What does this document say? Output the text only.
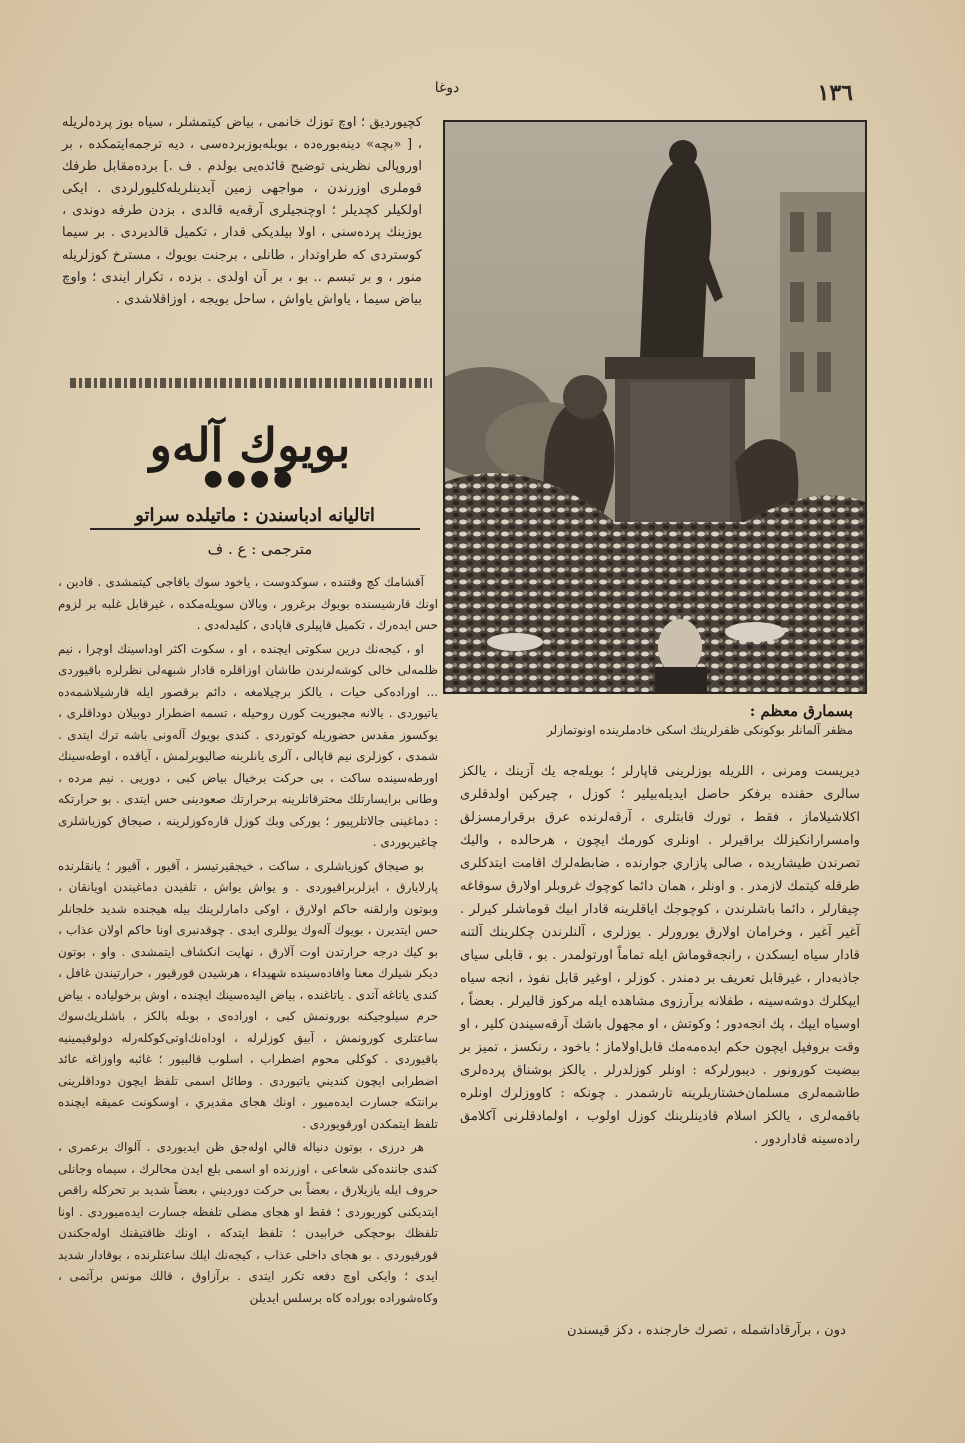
١٣٦
دوغا

كچيورديق ؛ اوچ توزك خانمى ، بياض كيتمشلر ، سياه بوز پردەلريلە ، [ «بچە» دينه‌بوره‌ده ، بوبله‌بوزبرده‌سى ، ديه ترجمه‌ايتمكده ، بر اوروپالى نظرينى توضيح قائده‌يى بولدم . ف .] برده‌مقابل طرفك قوملرى اوزرندن ، مواجهى زمين آيدينلريله‌كليورلردى . ايكى اولكيلر كچديلر ؛ اوچنجيلرى آرقه‌يه‌ قالدى ، بزدن طرفه دوندى ، يوزينك پرده‌سنى ، اولا بيلديكى قدار ، تكميل قالديردى . بر سيما كوستردى كه طراوتدار ، طانلى ، برجنت بويوك ، مسترخ كوزلريله منور ، و بر تبسم .. بو ، بر آن اولدى . بزده ، تكرار ايندى ؛ واوچ بياض سيما ، ياواش ياواش ، ساحل بويجه ، اوزاقلاشدى .

بويوك آله‌و
●●●●
اتاليانه ادباسندن : ماتيلده سراتو
مترجمى : ع . ف

آقشامك كچ وقتنده ، سوكدوست ، ياخود سوك ياقاجى كيتمشدى . قادين ، اونك قارشيسنده بويوك برغرور ، ويالان سويله‌مكده ، غيرقابل غلبه بر لزوم حس ايده‌رك ، تكميل قاپيلرى قاپادى ، كليدله‌دى .

او ، كيجه‌نك درين سكوتى ايچنده ، او ، سكوت اكثر اوداسينك اوچرا ، نيم ظلمه‌لى خالى كوشه‌لرندن طاشان اوزاقلره قادار شبهه‌لى نظرلره باقيوردى ... اوراده‌كى حيات ، يالكز برچيلامغه ، دائم برقصور ايله قارشيلاشمه‌ده ياتيوردى . يالانه مجبوريت كورن روحيله ، تسمه اضطرار دوبيلان دوداقلرى ، يوكسوز مقدس حضوريله كوتوردى . كندى بويوك آله‌ونى باشه ترك ايتدى . شمدى ، كوزلرى نيم قاپالى ، آلرى يانلرينه صاليوبرلمش ، آياقده ، اوطه‌سينك اورطه‌سينده ساكت ، بى حركت برخيال بياض كبى ، دوريى . نيم مرده ، وطانى برايسارتلك محترقاتلرينه برحرارتك صعودينى حس ايتدى . بو حرارتكه : دماغينى جالاتلرپيور ؛ يوركى وبك كوزل قارەكوزلرينه ، صيجاق كوزياشلرى چاغيريوردى .

بو صيجاق كوزياشلرى ، ساكت ، خيجقيرتيسز ، آقيور ، آقيور ؛ يانقلرنده پارلايارق ، ايزلربراقيوردى . و يواش يواش ، تلفيدن دماغيندن اويانقان ، وبوتون وارلقنه حاكم اولارق ، اوكى دامارلرينك بيله هيجنده شديد خلجانلر حس ايتديرن ، بويوك آله‌وك يوللرى ايدى . چوقدنبرى اونا حاكم اولان عذاب ، بو كيك درجه حرارتدن اوت آلارق ، نهايت انكشاف ايتمشدى . واو ، بوتون ديكر شيلرك معنا وافاده‌سينده شهيداء ، هرشيدن قورقيور ، حرارتيندن غافل ، كندى ياتاغه آتدى . ياتاغنده ، بياض اليده‌سينك ايچنده ، اوش برخولياده ، بياض حرم سيلوجيكنه بورونمش كبى ، اوراده‌ى ، بوبله‌ بالكز ، باشلريك‌سوك ساعتلرى‌ كورونمش ، آبيق كوزلرله ، اوداه‌نك‌اوتى‌كوكله‌رله‌ دولوقيمينيه باقيوردى . كوكلى محوم اضطراب ، اسلوب قالبيور ؛ غائبه ‌واوزاغه عائد اضطرابى ايچون كنديني ياتيوردى . وطائل اسمى تلفظ ايچون دوداقلرينى برانتكه جسارت ايده‌ميور ، اونك هجاى مقديري ، اوسكونت عميقه ايچنده تلفظ ايتمكدن اورقويوردى .

هر درزى ، بوتون دنياله قالي اوله‌جق ظن ايديوردى . آلواك برعمرى ، كندى جاننده‌كى شعاعى ، اوزرنده او اسمى بلع ايدن محالرك ، سيماه وجانلى حروف ايله يازيلارق ، بعضاً بى حركت دورديني ، بعضاً شديد بر تحركله راقص ايتديكنى كوريوردى ؛ فقط او هجاى مضلى تلفظه جسارت ايده‌ميوردى . اونا تلفظك بوحچكى خرابيدن ؛ تلفظ ايتدكه ، اونك ظاقتيقنك اوله‌جكندن قورقيوردى . بو هجاى داخلى عذاب ، كيجه‌نك ايلك ساعتلرنده ، بوقادار شديد ايدى ؛ وايكى اوچ دفعه تكرر ايتدى . برآزاوق ، قالك مونس برآتمى ، وكاه‌شوراده بوراده كاه برسلس ايديلن

بسمارق معظم :
مظفر آلمانلر بوكونكى ظفرلرينك اسكى خادملرينده اونوتمازلر

ديريست ومرنى ، اللريله بوزلرينى قاپارلر ؛ بويله‌جه يك آزينك ، يالكز سالرى حقنده برفكر حاصل ايديله‌بيلير ؛ كوزل ، چيركين اولدقلرى اكلاشيلاماز ، فقط ، تورك قابتلرى ، آرقه‌لرنده عرق برقرارمسزلق وامسرارانكيزلك براقيرلر . اونلرى كورمك ايچون ، هرحالده ، واليك تصرندن طيشاريده ، صالى پازاري جوارنده ، ضابطه‌لرك اقامت ايتدكلرى طرقله كيتمك لازمدر . و اونلر ، همان دائما كوچوك غروبلر اولارق سوقاغه چيقارلر ، دائما باشلرندن ، كوچوجك اياقلرينه قادار ابيك قوماشلر كيرلر . آغير آغير ، وخرامان اولارق يورورلر . يوزلرى ، آلنلرندن چكلرينك آلتنه قادار سياه ايسكدن ، رانجه‌قوماش ايله تماماً اورتولمدر . بو ، قابلى سياى جاذبه‌دار ، غيرقابل تعريف بر دمندر . كوزلر ، اوغير قابل نفوذ ، انجه سياه ايپكلرك دوشه‌سينه ، طفلانه برآرزوى مشاهده ايله مركوز قاليرلر . بعضاً ، اوسياه ايپك ، پك انجه‌دور ؛ وكوتش ، او مجهول باشك آرقه‌سيندن كلير ، او وقت بروفيل ايچون حكم ايده‌مه‌مك قابل‌اولاماز ؛ باخود ، رنكسز ، تميز بر بيضيت كورونور . ديبورلركه : اونلر كوزلدرلر . يالكز بوشناق پردەلرى طاشمه‌لرى مسلمان‌خشتاريلرينه تارشمدر . چونكه : كاووزلرك اونلره باقمه‌لرى ، يالكز اسلام قادينلرينك كوزل اولوب ، اولمادقلرنى آكلامق راده‌سينه قادار‌دور .

دون ، برآرقاداشمله ، تصرك خارجنده ، دكز قيسندن
